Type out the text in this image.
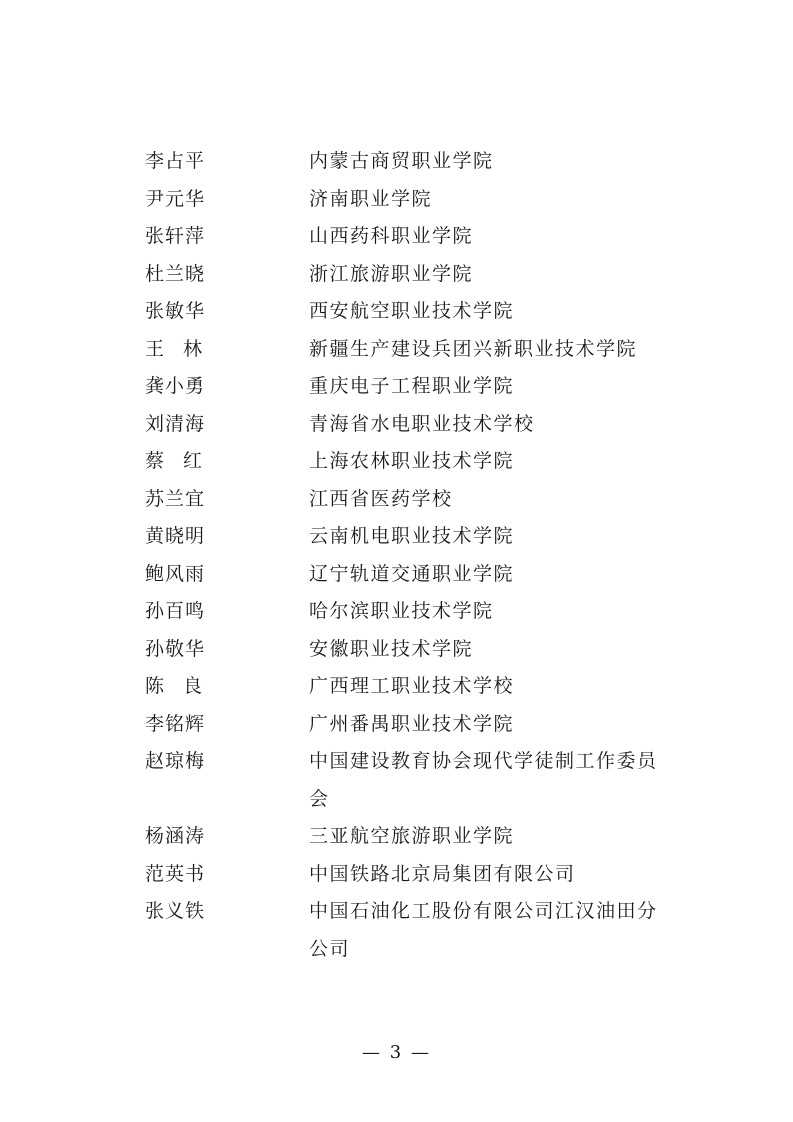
李占平	内蒙古商贸职业学院
尹元华	济南职业学院
张轩萍	山西药科职业学院
杜兰晓	浙江旅游职业学院
张敏华	西安航空职业技术学院
王　林	新疆生产建设兵团兴新职业技术学院
龚小勇	重庆电子工程职业学院
刘清海	青海省水电职业技术学校
蔡　红	上海农林职业技术学院
苏兰宜	江西省医药学校
黄晓明	云南机电职业技术学院
鲍风雨	辽宁轨道交通职业学院
孙百鸣	哈尔滨职业技术学院
孙敬华	安徽职业技术学院
陈　良	广西理工职业技术学校
李铭辉	广州番禺职业技术学院
赵琼梅	中国建设教育协会现代学徒制工作委员会
杨涵涛	三亚航空旅游职业学院
范英书	中国铁路北京局集团有限公司
张义铁	中国石油化工股份有限公司江汉油田分公司
— 3 —
